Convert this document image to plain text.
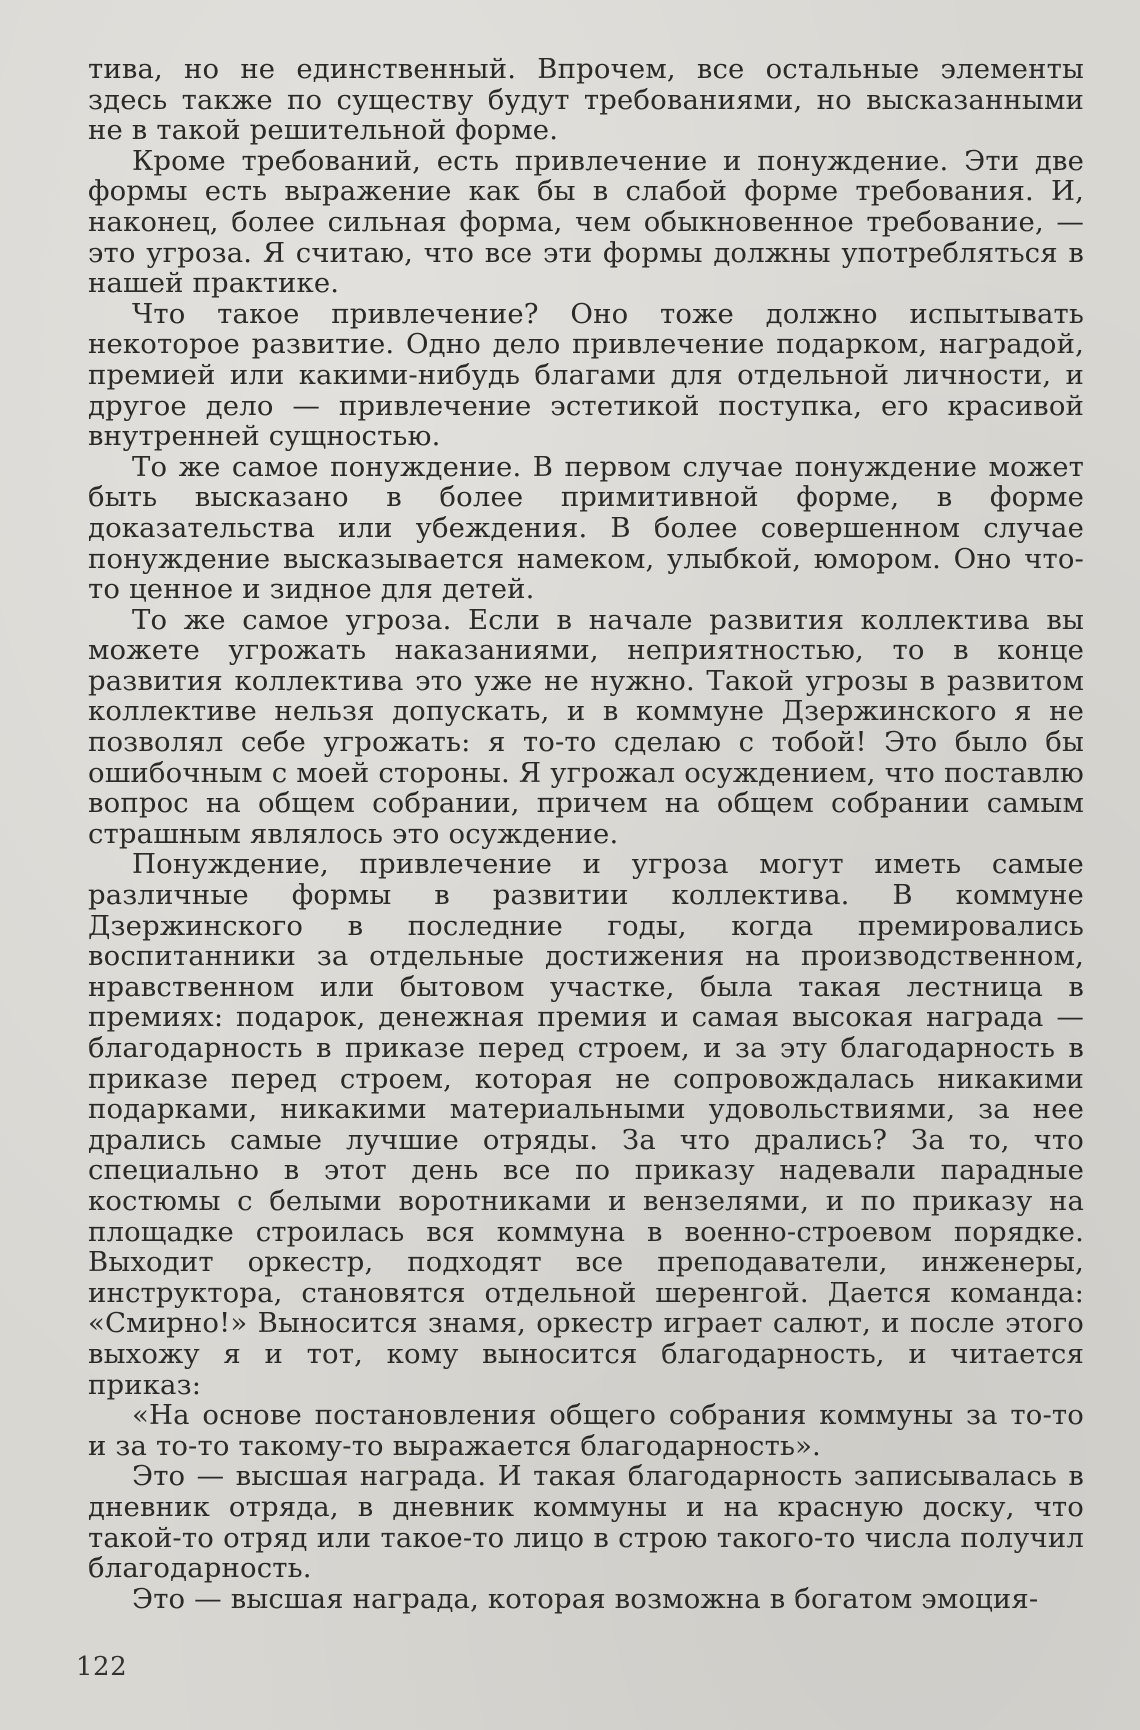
тива, но не единственный. Впрочем, все остальные элементы здесь также по существу будут требованиями, но высказанными не в такой решительной форме.

Кроме требований, есть привлечение и понуждение. Эти две формы есть выражение как бы в слабой форме требования. И, наконец, более сильная форма, чем обыкновенное требование, — это угроза. Я считаю, что все эти формы должны употребляться в нашей практике.

Что такое привлечение? Оно тоже должно испытывать некоторое развитие. Одно дело привлечение подарком, наградой, премией или какими-нибудь благами для отдельной личности, и другое дело — привлечение эстетикой поступка, его красивой внутренней сущностью.

То же самое понуждение. В первом случае понуждение может быть высказано в более примитивной форме, в форме доказательства или убеждения. В более совершенном случае понуждение высказывается намеком, улыбкой, юмором. Оно что-то ценное и зидное для детей.

То же самое угроза. Если в начале развития коллектива вы можете угрожать наказаниями, неприятностью, то в конце развития коллектива это уже не нужно. Такой угрозы в развитом коллективе нельзя допускать, и в коммуне Дзержинского я не позволял себе угрожать: я то-то сделаю с тобой! Это было бы ошибочным с моей стороны. Я угрожал осуждением, что поставлю вопрос на общем собрании, причем на общем собрании самым страшным являлось это осуждение.

Понуждение, привлечение и угроза могут иметь самые различные формы в развитии коллектива. В коммуне Дзержинского в последние годы, когда премировались воспитанники за отдельные достижения на производственном, нравственном или бытовом участке, была такая лестница в премиях: подарок, денежная премия и самая высокая награда — благодарность в приказе перед строем, и за эту благодарность в приказе перед строем, которая не сопровождалась никакими подарками, никакими материальными удовольствиями, за нее дрались самые лучшие отряды. За что дрались? За то, что специально в этот день все по приказу надевали парадные костюмы с белыми воротниками и вензелями, и по приказу на площадке строилась вся коммуна в военно-строевом порядке. Выходит оркестр, подходят все преподаватели, инженеры, инструктора, становятся отдельной шеренгой. Дается команда: «Смирно!» Выносится знамя, оркестр играет салют, и после этого выхожу я и тот, кому выносится благодарность, и читается приказ:

«На основе постановления общего собрания коммуны за то-то и за то-то такому-то выражается благодарность».

Это — высшая награда. И такая благодарность записывалась в дневник отряда, в дневник коммуны и на красную доску, что такой-то отряд или такое-то лицо в строю такого-то числа получил благодарность.

Это — высшая награда, которая возможна в богатом эмоция-

122
